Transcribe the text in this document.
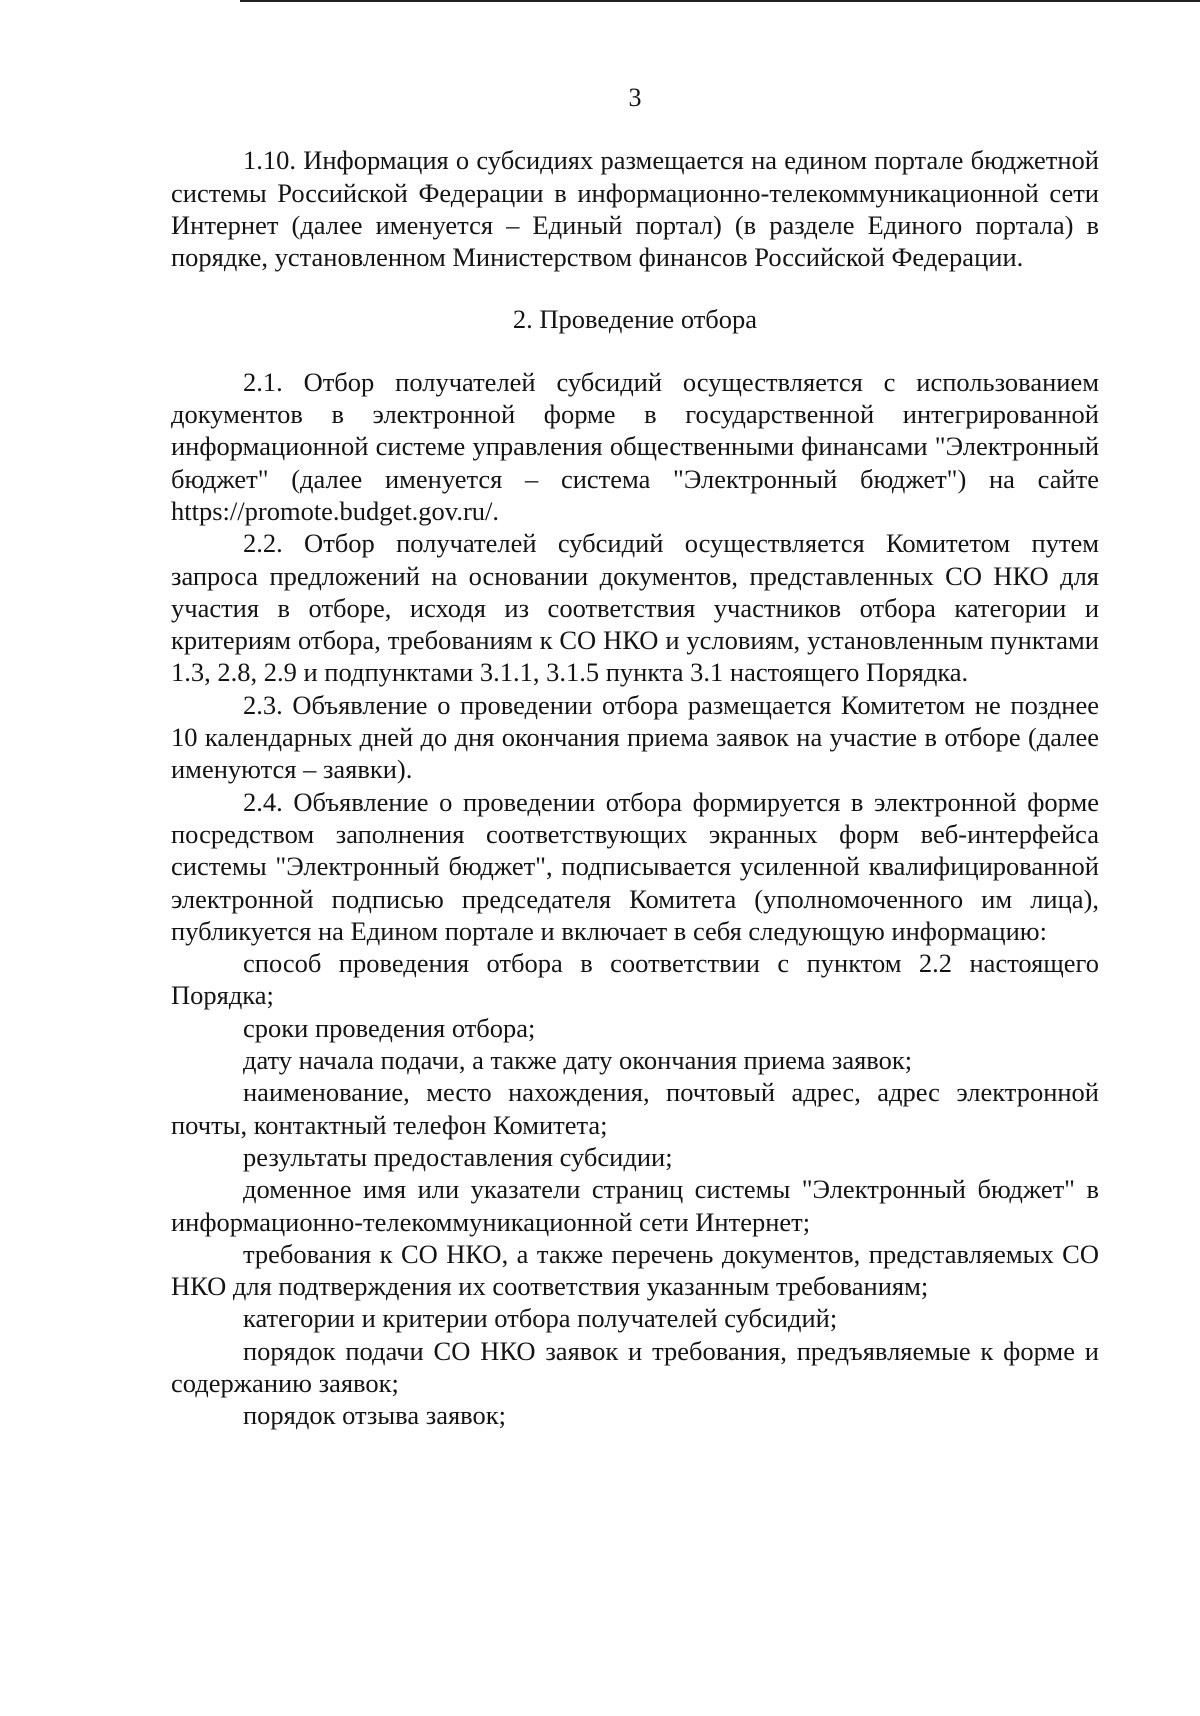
3

1.10. Информация о субсидиях размещается на едином портале бюджетной системы Российской Федерации в информационно-телекоммуникационной сети Интернет (далее именуется – Единый портал) (в разделе Единого портала) в порядке, установленном Министерством финансов Российской Федерации.

2. Проведение отбора

2.1. Отбор получателей субсидий осуществляется с использованием документов в электронной форме в государственной интегрированной информационной системе управления общественными финансами "Электронный бюджет" (далее именуется – система "Электронный бюджет") на сайте https://promote.budget.gov.ru/.

2.2. Отбор получателей субсидий осуществляется Комитетом путем запроса предложений на основании документов, представленных СО НКО для участия в отборе, исходя из соответствия участников отбора категории и критериям отбора, требованиям к СО НКО и условиям, установленным пунктами 1.3, 2.8, 2.9 и подпунктами 3.1.1, 3.1.5 пункта 3.1 настоящего Порядка.

2.3. Объявление о проведении отбора размещается Комитетом не позднее 10 календарных дней до дня окончания приема заявок на участие в отборе (далее именуются – заявки).

2.4. Объявление о проведении отбора формируется в электронной форме посредством заполнения соответствующих экранных форм веб-интерфейса системы "Электронный бюджет", подписывается усиленной квалифицированной электронной подписью председателя Комитета (уполномоченного им лица), публикуется на Едином портале и включает в себя следующую информацию:

способ проведения отбора в соответствии с пунктом 2.2 настоящего Порядка;

сроки проведения отбора;

дату начала подачи, а также дату окончания приема заявок;

наименование, место нахождения, почтовый адрес, адрес электронной почты, контактный телефон Комитета;

результаты предоставления субсидии;

доменное имя или указатели страниц системы "Электронный бюджет" в информационно-телекоммуникационной сети Интернет;

требования к СО НКО, а также перечень документов, представляемых СО НКО для подтверждения их соответствия указанным требованиям;

категории и критерии отбора получателей субсидий;

порядок подачи СО НКО заявок и требования, предъявляемые к форме и содержанию заявок;

порядок отзыва заявок;
